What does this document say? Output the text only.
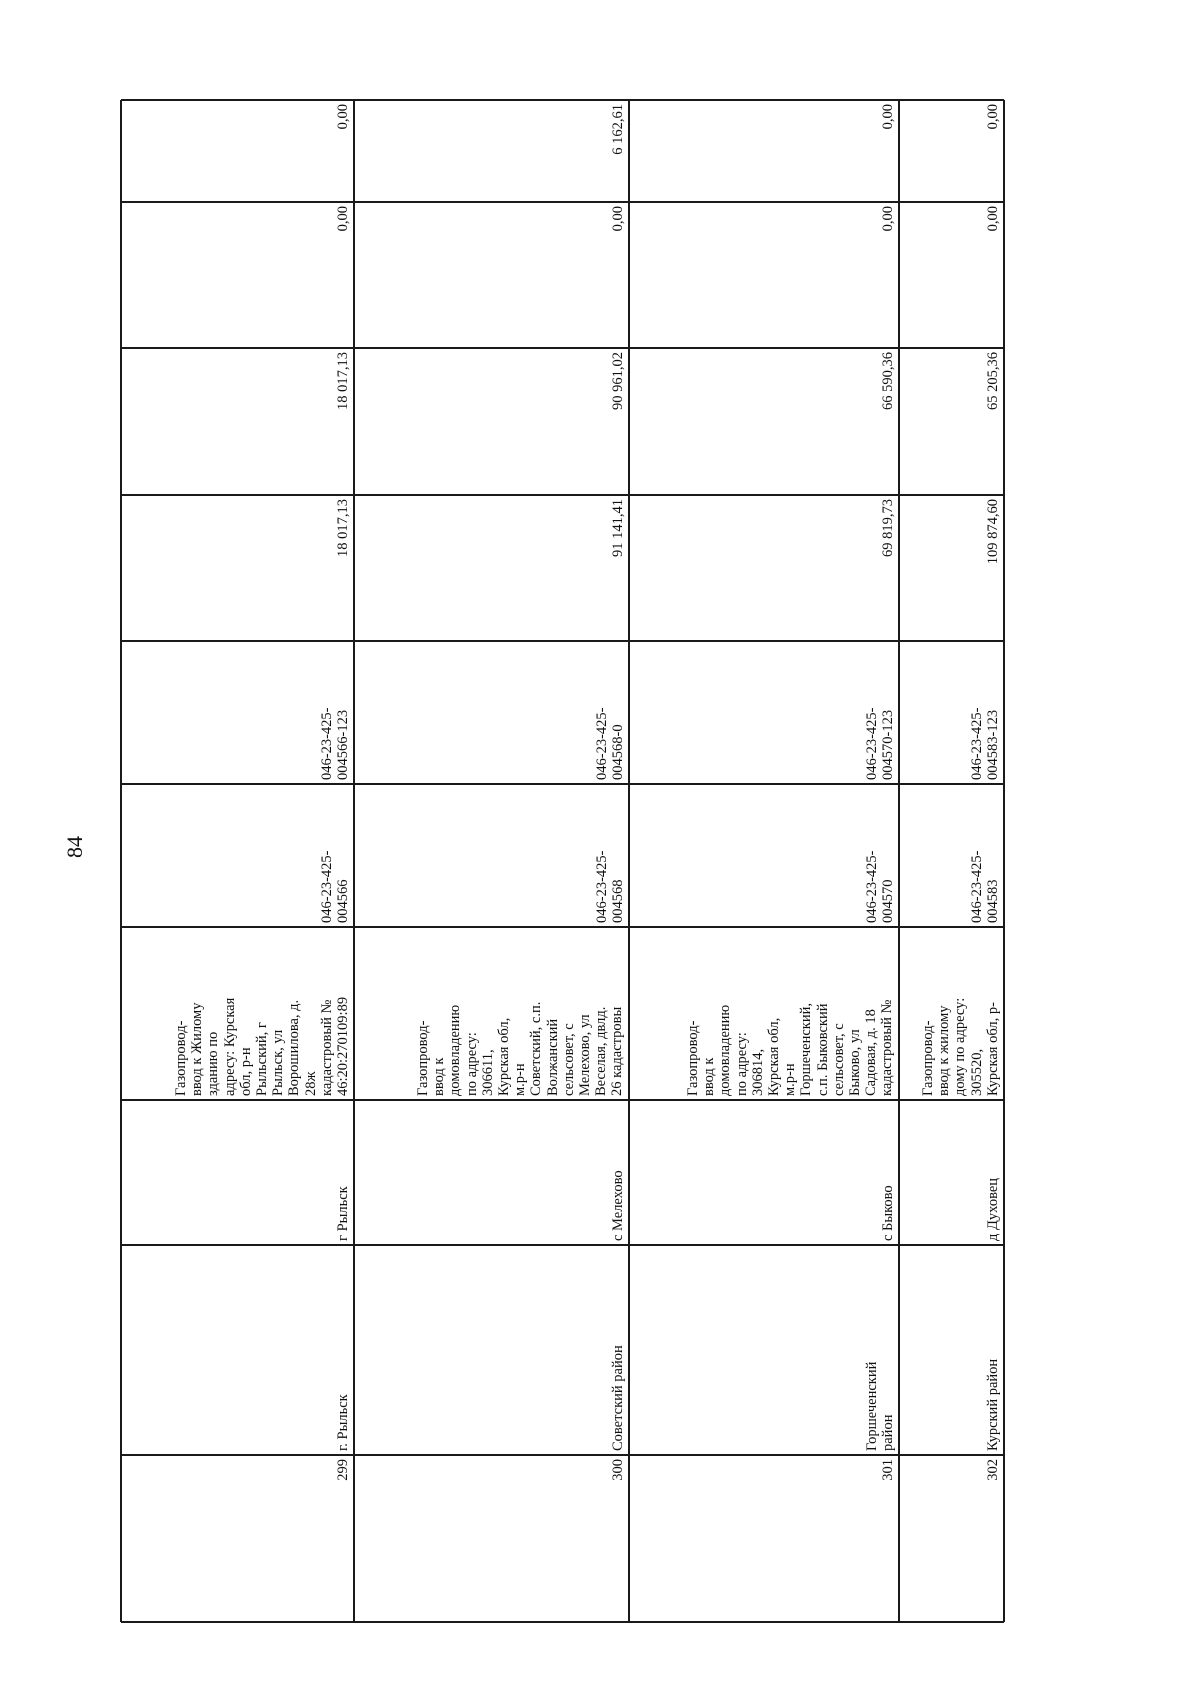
84
299
г. Рыльск
г Рыльск
Газопровод-
ввод к Жилому
зданию по
адресу: Курская
обл, р-н
Рыльский, г
Рыльск, ул
Ворошилова, д.
28ж
кадастровый №
46:20:270109:89
046-23-425-
004566
046-23-425-
004566-123
18 017,13
18 017,13
0,00
0,00
300
Советский район
с Мелехово
Газопровод-
ввод к
домовладению
по адресу:
306611,
Курская обл,
м.р-н
Советский, с.п.
Волжанский
сельсовет, с
Мелехово, ул
Веселая, двлд.
26 кадастровы
046-23-425-
004568
046-23-425-
004568-0
91 141,41
90 961,02
0,00
6 162,61
301
Горшеченский
район
с Быково
Газопровод-
ввод к
домовладению
по адресу:
306814,
Курская обл,
м.р-н
Горшеченский,
с.п. Быковский
сельсовет, с
Быково, ул
Садовая, д. 18
кадастровый №
046-23-425-
004570
046-23-425-
004570-123
69 819,73
66 590,36
0,00
0,00
302
Курский район
д Духовец
Газопровод-
ввод к жилому
дому по адресу:
305520,
Курская обл, р-
046-23-425-
004583
046-23-425-
004583-123
109 874,60
65 205,36
0,00
0,00
